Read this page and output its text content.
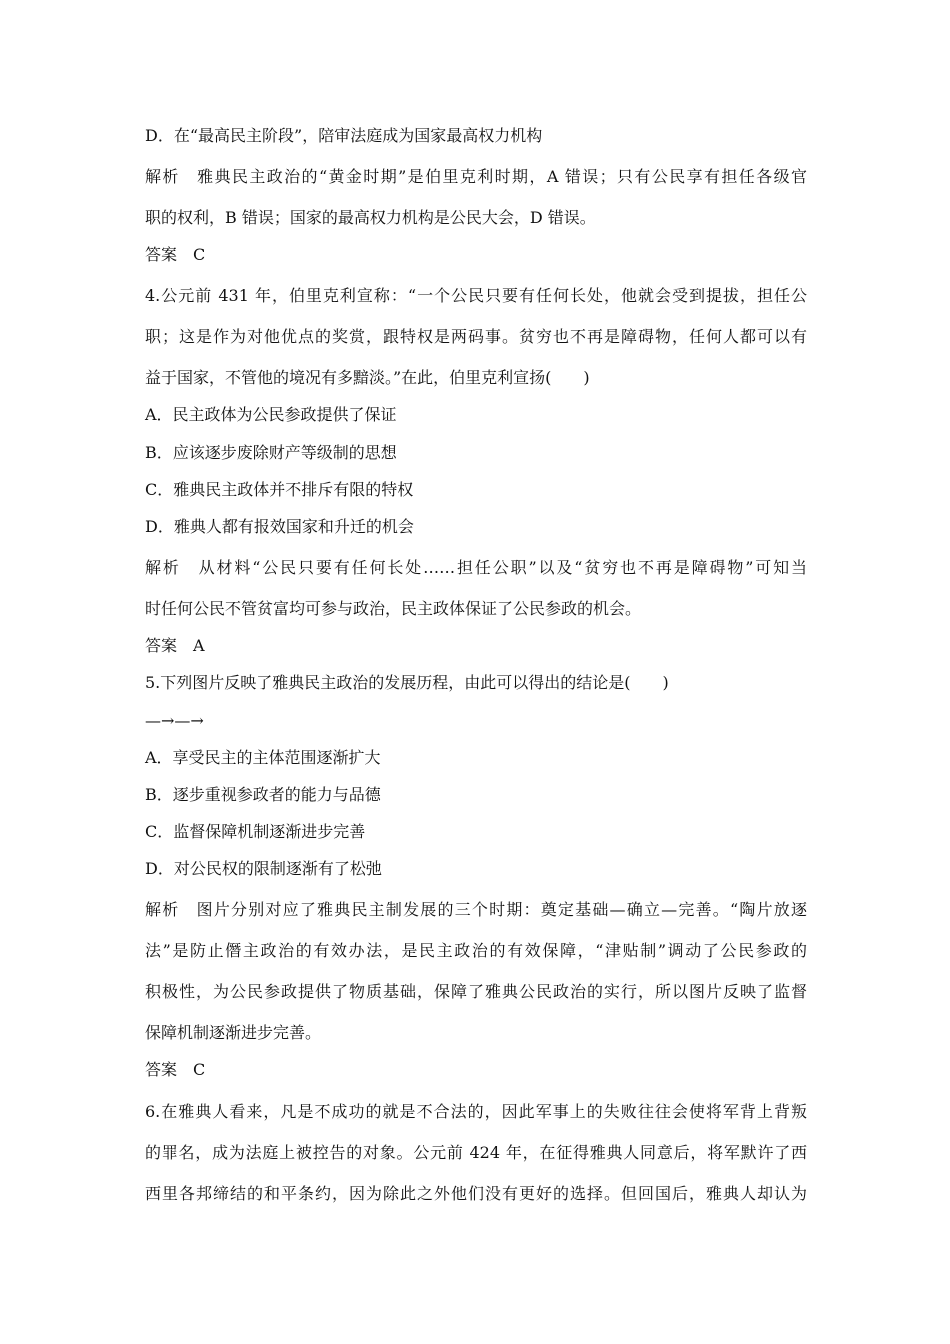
D．在“最高民主阶段”，陪审法庭成为国家最高权力机构
解析　雅典民主政治的“黄金时期”是伯里克利时期，A 错误；只有公民享有担任各级官
职的权利，B 错误；国家的最高权力机构是公民大会，D 错误。
答案　C
4.公元前 431 年，伯里克利宣称：“一个公民只要有任何长处，他就会受到提拔，担任公
职；这是作为对他优点的奖赏，跟特权是两码事。贫穷也不再是障碍物，任何人都可以有
益于国家，不管他的境况有多黯淡。”在此，伯里克利宣扬(　　)
A．民主政体为公民参政提供了保证
B．应该逐步废除财产等级制的思想
C．雅典民主政体并不排斥有限的特权
D．雅典人都有报效国家和升迁的机会
解析　从材料“公民只要有任何长处……担任公职”以及“贫穷也不再是障碍物”可知当
时任何公民不管贫富均可参与政治，民主政体保证了公民参政的机会。
答案　A
5.下列图片反映了雅典民主政治的发展历程，由此可以得出的结论是(　　)
—→—→
A．享受民主的主体范围逐渐扩大
B．逐步重视参政者的能力与品德
C．监督保障机制逐渐进步完善
D．对公民权的限制逐渐有了松弛
解析　图片分别对应了雅典民主制发展的三个时期：奠定基础—确立—完善。“陶片放逐
法”是防止僭主政治的有效办法，是民主政治的有效保障，“津贴制”调动了公民参政的
积极性，为公民参政提供了物质基础，保障了雅典公民政治的实行，所以图片反映了监督
保障机制逐渐进步完善。
答案　C
6.在雅典人看来，凡是不成功的就是不合法的，因此军事上的失败往往会使将军背上背叛
的罪名，成为法庭上被控告的对象。公元前 424 年，在征得雅典人同意后，将军默许了西
西里各邦缔结的和平条约，因为除此之外他们没有更好的选择。但回国后，雅典人却认为
